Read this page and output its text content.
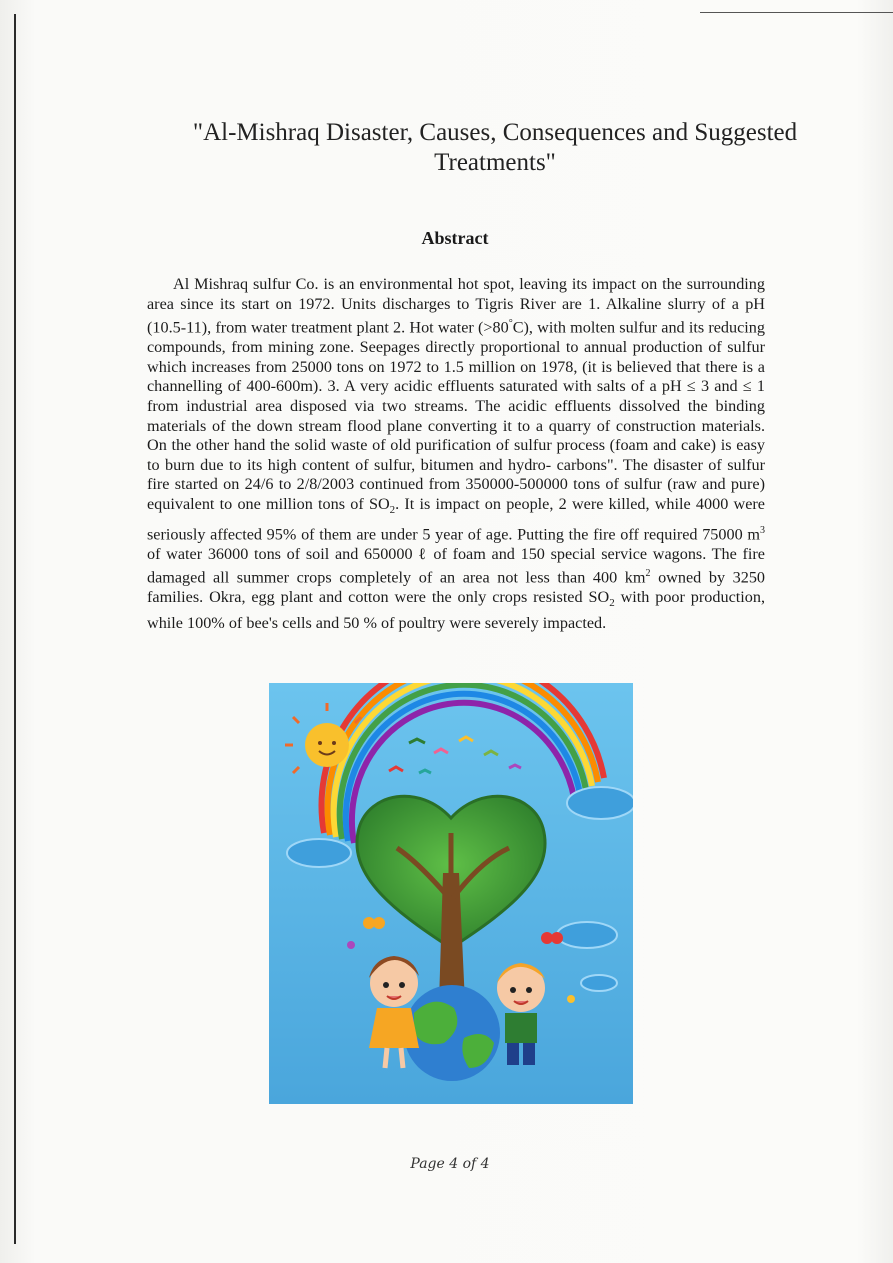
"Al-Mishraq Disaster, Causes, Consequences and Suggested Treatments"
Abstract

Al Mishraq sulfur Co. is an environmental hot spot, leaving its impact on the surrounding area since its start on 1972. Units discharges to Tigris River are 1. Alkaline slurry of a pH (10.5-11), from water treatment plant 2. Hot water (>80°C), with molten sulfur and its reducing compounds, from mining zone. Seepages directly proportional to annual production of sulfur which increases from 25000 tons on 1972 to 1.5 million on 1978, (it is believed that there is a channelling of 400-600m). 3. A very acidic effluents saturated with salts of a pH ≤ 3 and ≤ 1 from industrial area disposed via two streams. The acidic effluents dissolved the binding materials of the down stream flood plane converting it to a quarry of construction materials. On the other hand the solid waste of old purification of sulfur process (foam and cake) is easy to burn due to its high content of sulfur, bitumen and hydro- carbons". The disaster of sulfur fire started on 24/6 to 2/8/2003 continued from 350000-500000 tons of sulfur (raw and pure) equivalent to one million tons of $SO_2$. It is impact on people, 2 were killed, while 4000 were seriously affected 95% of them are under 5 year of age. Putting the fire off required 75000 $m^3$ of water 36000 tons of soil and 650000 ℓ of foam and 150 special service wagons. The fire damaged all summer crops completely of an area not less than 400 $km^2$ owned by 3250 families. Okra, egg plant and cotton were the only crops resisted $SO_2$ with poor production, while 100% of bee's cells and 50 % of poultry were severely impacted.

Page 4 of 4
